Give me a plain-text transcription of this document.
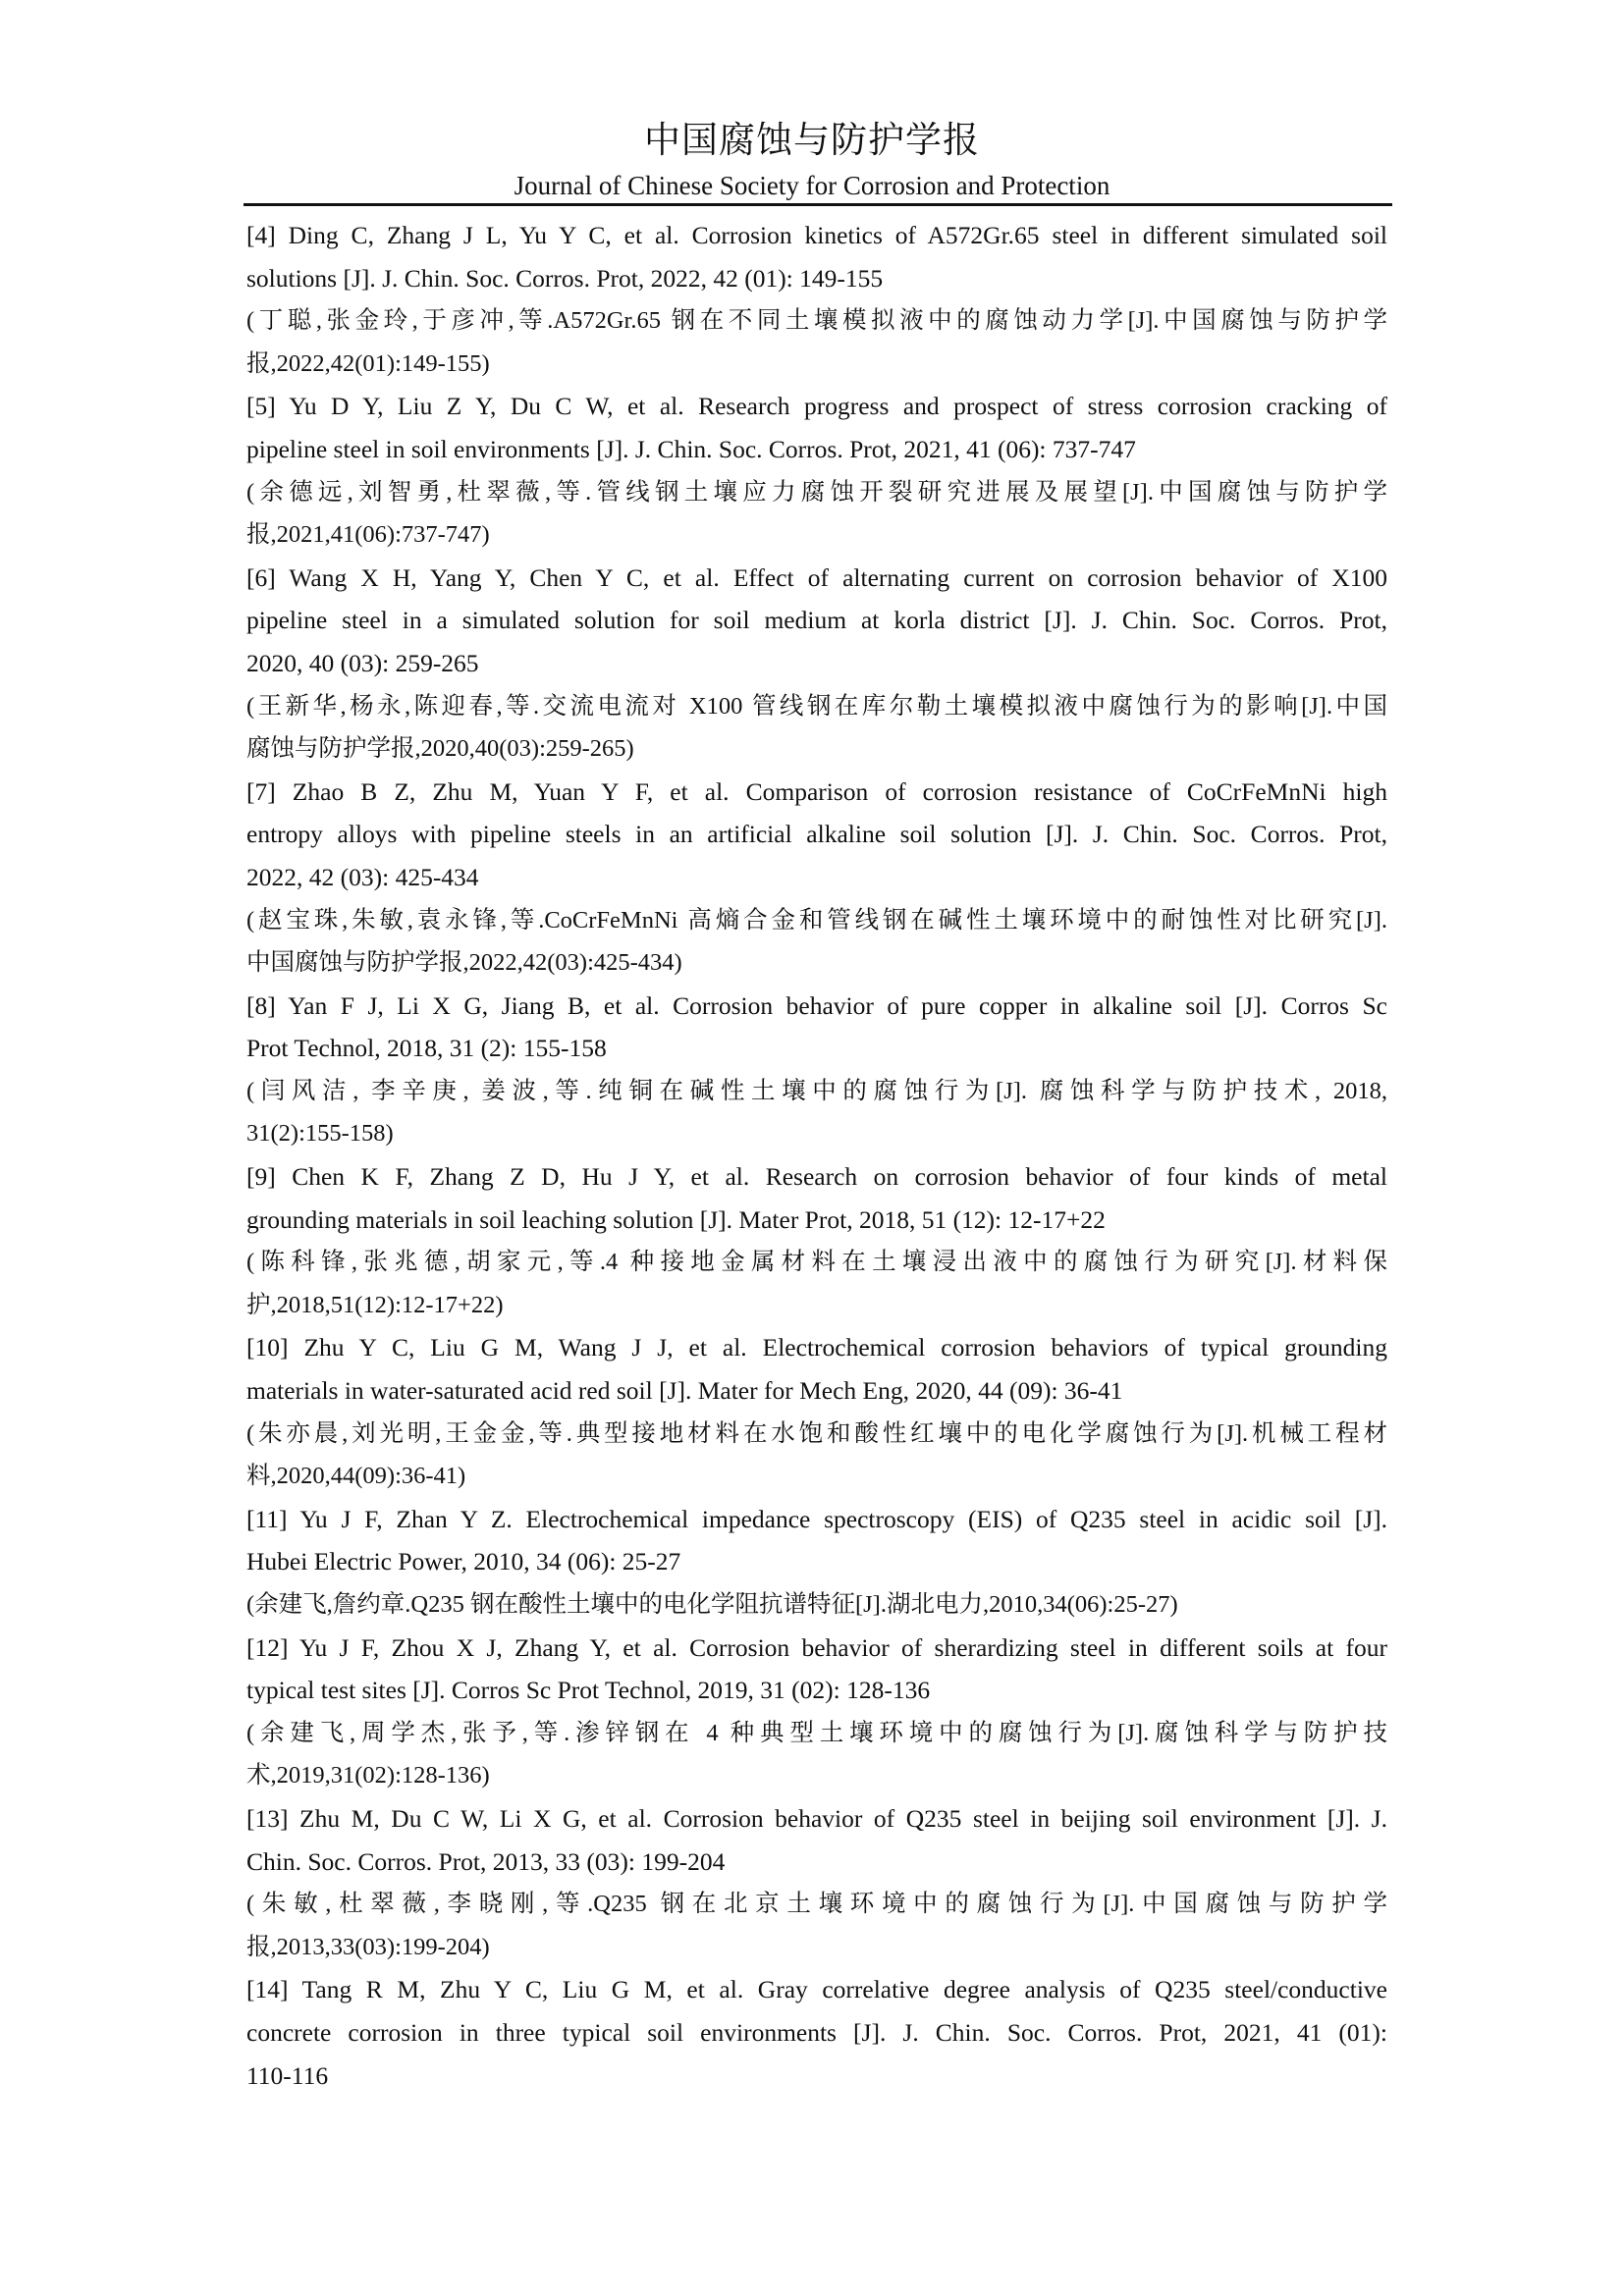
中国腐蚀与防护学报
Journal of Chinese Society for Corrosion and Protection
[4] Ding C, Zhang J L, Yu Y C, et al. Corrosion kinetics of A572Gr.65 steel in different simulated soil
solutions [J]. J. Chin. Soc. Corros. Prot, 2022, 42 (01): 149-155
(丁聪,张金玲,于彦冲,等.A572Gr.65 钢在不同土壤模拟液中的腐蚀动力学[J].中国腐蚀与防护学
报,2022,42(01):149-155)
[5] Yu D Y, Liu Z Y, Du C W, et al. Research progress and prospect of stress corrosion cracking of
pipeline steel in soil environments [J]. J. Chin. Soc. Corros. Prot, 2021, 41 (06): 737-747
(余德远,刘智勇,杜翠薇,等.管线钢土壤应力腐蚀开裂研究进展及展望[J].中国腐蚀与防护学
报,2021,41(06):737-747)
[6] Wang X H, Yang Y, Chen Y C, et al. Effect of alternating current on corrosion behavior of X100
pipeline steel in a simulated solution for soil medium at korla district [J]. J. Chin. Soc. Corros. Prot,
2020, 40 (03): 259-265
(王新华,杨永,陈迎春,等.交流电流对 X100 管线钢在库尔勒土壤模拟液中腐蚀行为的影响[J].中国
腐蚀与防护学报,2020,40(03):259-265)
[7] Zhao B Z, Zhu M, Yuan Y F, et al. Comparison of corrosion resistance of CoCrFeMnNi high
entropy alloys with pipeline steels in an artificial alkaline soil solution [J]. J. Chin. Soc. Corros. Prot,
2022, 42 (03): 425-434
(赵宝珠,朱敏,袁永锋,等.CoCrFeMnNi 高熵合金和管线钢在碱性土壤环境中的耐蚀性对比研究[J].
中国腐蚀与防护学报,2022,42(03):425-434)
[8] Yan F J, Li X G, Jiang B, et al. Corrosion behavior of pure copper in alkaline soil [J]. Corros Sc
Prot Technol, 2018, 31 (2): 155-158
(闫风洁, 李辛庚, 姜波,等.纯铜在碱性土壤中的腐蚀行为[J]. 腐蚀科学与防护技术, 2018,
31(2):155-158)
[9] Chen K F, Zhang Z D, Hu J Y, et al. Research on corrosion behavior of four kinds of metal
grounding materials in soil leaching solution [J]. Mater Prot, 2018, 51 (12): 12-17+22
(陈科锋,张兆德,胡家元,等.4 种接地金属材料在土壤浸出液中的腐蚀行为研究[J].材料保
护,2018,51(12):12-17+22)
[10] Zhu Y C, Liu G M, Wang J J, et al. Electrochemical corrosion behaviors of typical grounding
materials in water-saturated acid red soil [J]. Mater for Mech Eng, 2020, 44 (09): 36-41
(朱亦晨,刘光明,王金金,等.典型接地材料在水饱和酸性红壤中的电化学腐蚀行为[J].机械工程材
料,2020,44(09):36-41)
[11] Yu J F, Zhan Y Z. Electrochemical impedance spectroscopy (EIS) of Q235 steel in acidic soil [J].
Hubei Electric Power, 2010, 34 (06): 25-27
(余建飞,詹约章.Q235 钢在酸性土壤中的电化学阻抗谱特征[J].湖北电力,2010,34(06):25-27)
[12] Yu J F, Zhou X J, Zhang Y, et al. Corrosion behavior of sherardizing steel in different soils at four
typical test sites [J]. Corros Sc Prot Technol, 2019, 31 (02): 128-136
(余建飞,周学杰,张予,等.渗锌钢在 4 种典型土壤环境中的腐蚀行为[J].腐蚀科学与防护技
术,2019,31(02):128-136)
[13] Zhu M, Du C W, Li X G, et al. Corrosion behavior of Q235 steel in beijing soil environment [J]. J.
Chin. Soc. Corros. Prot, 2013, 33 (03): 199-204
(朱敏,杜翠薇,李晓刚,等.Q235 钢在北京土壤环境中的腐蚀行为[J].中国腐蚀与防护学
报,2013,33(03):199-204)
[14] Tang R M, Zhu Y C, Liu G M, et al. Gray correlative degree analysis of Q235 steel/conductive
concrete corrosion in three typical soil environments [J]. J. Chin. Soc. Corros. Prot, 2021, 41 (01):
110-116
